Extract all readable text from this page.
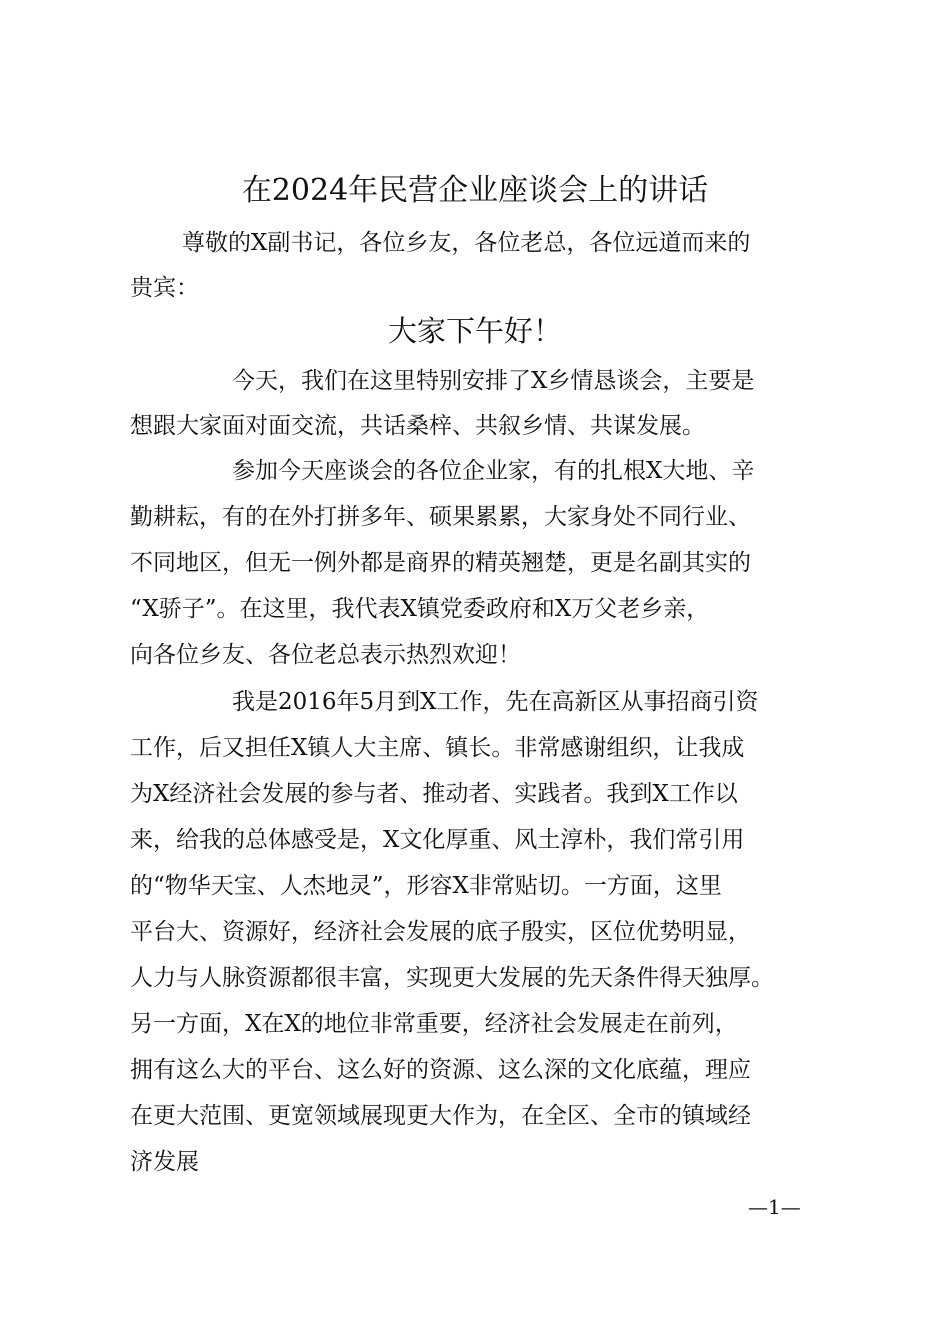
在2024年民营企业座谈会上的讲话
尊敬的X副书记，各位乡友，各位老总，各位远道而来的
贵宾：
大家下午好！
今天，我们在这里特别安排了X乡情恳谈会，主要是
想跟大家面对面交流，共话桑梓、共叙乡情、共谋发展。
参加今天座谈会的各位企业家，有的扎根X大地、辛
勤耕耘，有的在外打拼多年、硕果累累，大家身处不同行业、
不同地区，但无一例外都是商界的精英翘楚，更是名副其实的
“X骄子”。在这里，我代表X镇党委政府和X万父老乡亲，
向各位乡友、各位老总表示热烈欢迎！
我是2016年5月到X工作，先在高新区从事招商引资
工作，后又担任X镇人大主席、镇长。非常感谢组织，让我成
为X经济社会发展的参与者、推动者、实践者。我到X工作以
来，给我的总体感受是，X文化厚重、风土淳朴，我们常引用
的“物华天宝、人杰地灵”，形容X非常贴切。一方面，这里
平台大、资源好，经济社会发展的底子殷实，区位优势明显，
人力与人脉资源都很丰富，实现更大发展的先天条件得天独厚。
另一方面，X在X的地位非常重要，经济社会发展走在前列，
拥有这么大的平台、这么好的资源、这么深的文化底蕴，理应
在更大范围、更宽领域展现更大作为，在全区、全市的镇域经
济发展
—1—
